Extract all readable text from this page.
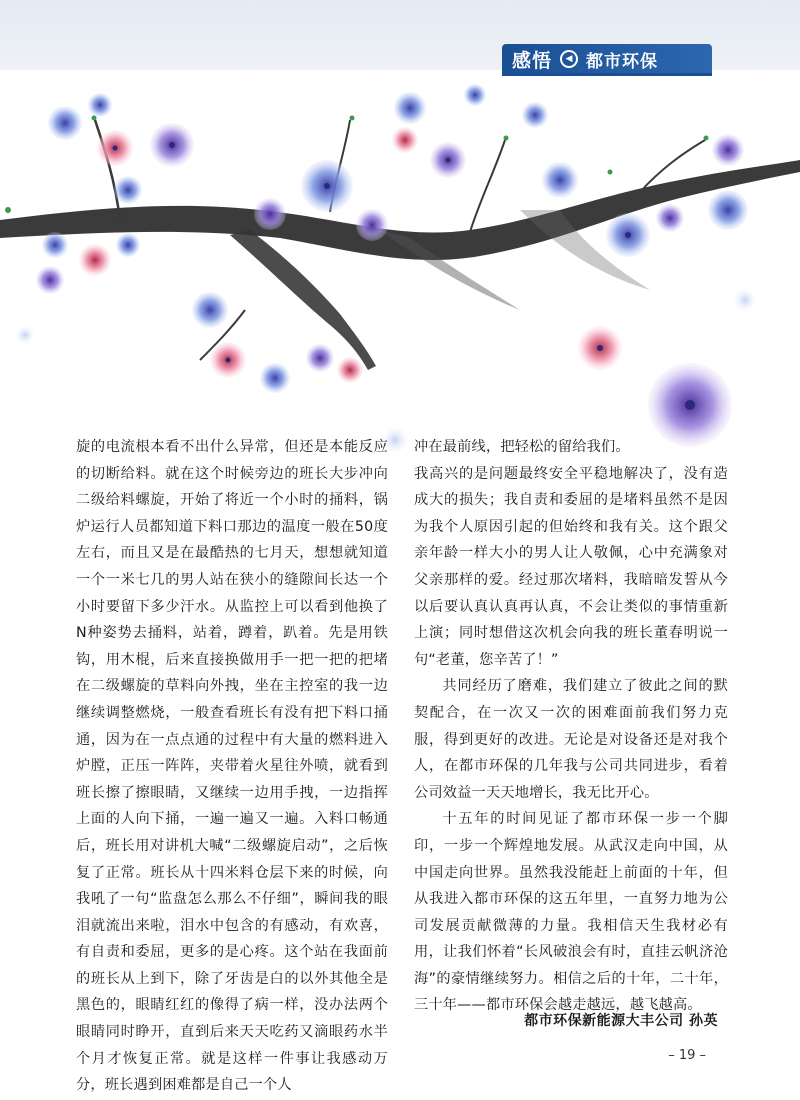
感悟	◀ 都市环保

旋的电流根本看不出什么异常，但还是本能反应的切断给料。就在这个时候旁边的班长大步冲向二级给料螺旋，开始了将近一个小时的捅料，锅炉运行人员都知道下料口那边的温度一般在50度左右，而且又是在最酷热的七月天，想想就知道一个一米七几的男人站在狭小的缝隙间长达一个小时要留下多少汗水。从监控上可以看到他换了N种姿势去捅料，站着，蹲着，趴着。先是用铁钩，用木棍，后来直接换做用手一把一把的把堵在二级螺旋的草料向外拽，坐在主控室的我一边继续调整燃烧，一般查看班长有没有把下料口捅通，因为在一点点通的过程中有大量的燃料进入炉膛，正压一阵阵，夹带着火星往外喷，就看到班长擦了擦眼睛，又继续一边用手拽，一边指挥上面的人向下捅，一遍一遍又一遍。入料口畅通后，班长用对讲机大喊“二级螺旋启动”，之后恢复了正常。班长从十四米料仓层下来的时候，向我吼了一句“监盘怎么那么不仔细”，瞬间我的眼泪就流出来啦，泪水中包含的有感动，有欢喜，有自责和委屈，更多的是心疼。这个站在我面前的班长从上到下，除了牙齿是白的以外其他全是黑色的，眼睛红红的像得了病一样，没办法两个眼睛同时睁开，直到后来天天吃药又滴眼药水半个月才恢复正常。就是这样一件事让我感动万分，班长遇到困难都是自己一个人

冲在最前线，把轻松的留给我们。

我高兴的是问题最终安全平稳地解决了，没有造成大的损失；我自责和委屈的是堵料虽然不是因为我个人原因引起的但始终和我有关。这个跟父亲年龄一样大小的男人让人敬佩，心中充满象对父亲那样的爱。经过那次堵料，我暗暗发誓从今以后要认真认真再认真，不会让类似的事情重新上演；同时想借这次机会向我的班长董春明说一句“老董，您辛苦了！”

共同经历了磨难，我们建立了彼此之间的默契配合，在一次又一次的困难面前我们努力克服，得到更好的改进。无论是对设备还是对我个人，在都市环保的几年我与公司共同进步，看着公司效益一天天地增长，我无比开心。

十五年的时间见证了都市环保一步一个脚印，一步一个辉煌地发展。从武汉走向中国，从中国走向世界。虽然我没能赶上前面的十年，但从我进入都市环保的这五年里，一直努力地为公司发展贡献微薄的力量。我相信天生我材必有用，让我们怀着“长风破浪会有时，直挂云帆济沧海”的豪情继续努力。相信之后的十年，二十年，三十年——都市环保会越走越远，越飞越高。

都市环保新能源大丰公司 孙英
– 19 –
